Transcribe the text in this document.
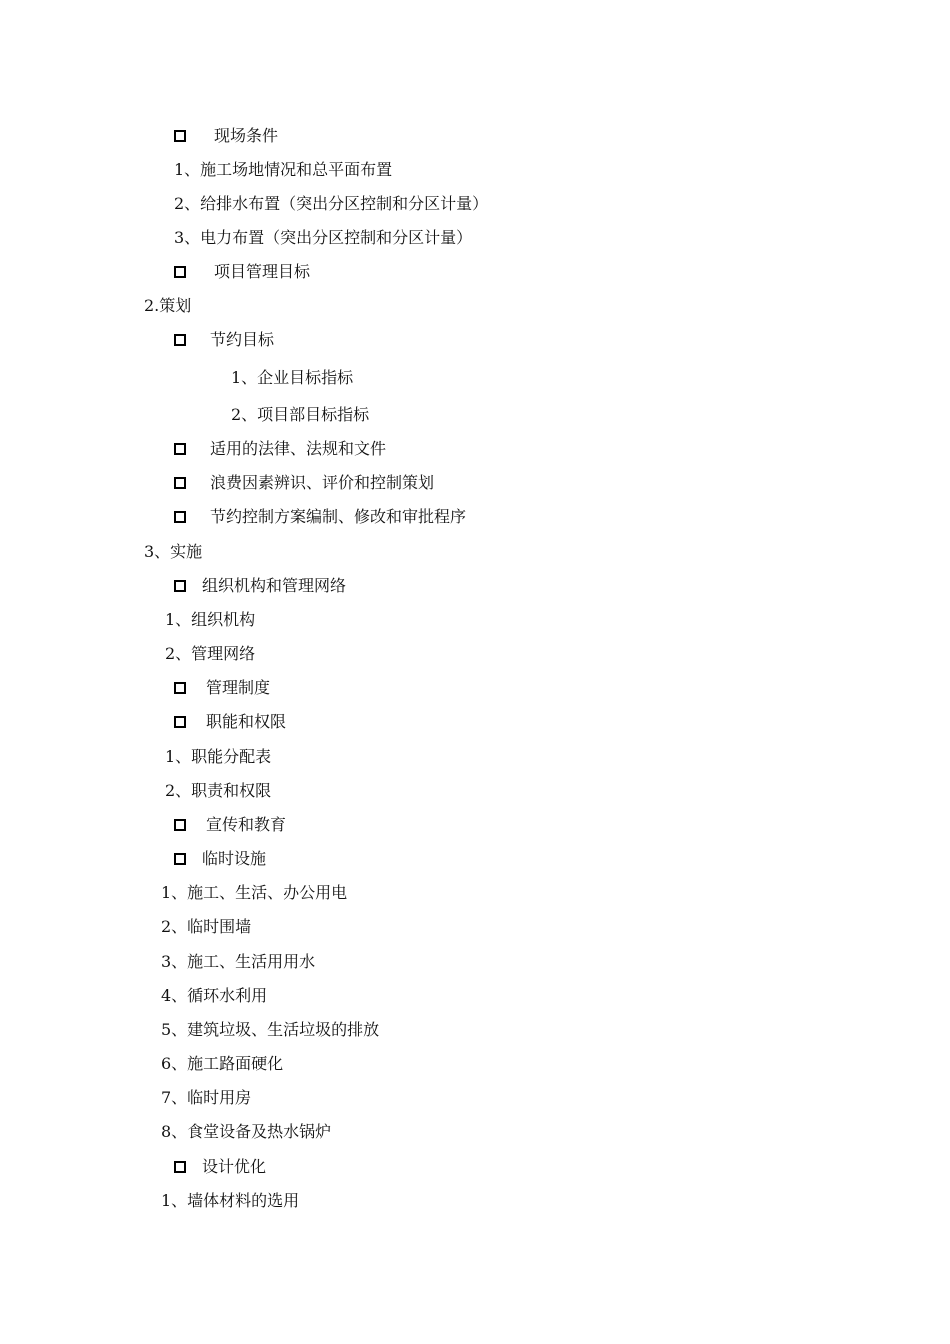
现场条件
1、施工场地情况和总平面布置
2、给排水布置（突出分区控制和分区计量）
3、电力布置（突出分区控制和分区计量）
项目管理目标
2.策划
节约目标
1、企业目标指标
2、项目部目标指标
适用的法律、法规和文件
浪费因素辨识、评价和控制策划
节约控制方案编制、修改和审批程序
3、实施
组织机构和管理网络
1、组织机构
2、管理网络
管理制度
职能和权限
1、职能分配表
2、职责和权限
宣传和教育
临时设施
1、施工、生活、办公用电
2、临时围墙
3、施工、生活用用水
4、循环水利用
5、建筑垃圾、生活垃圾的排放
6、施工路面硬化
7、临时用房
8、食堂设备及热水锅炉
设计优化
1、墙体材料的选用
